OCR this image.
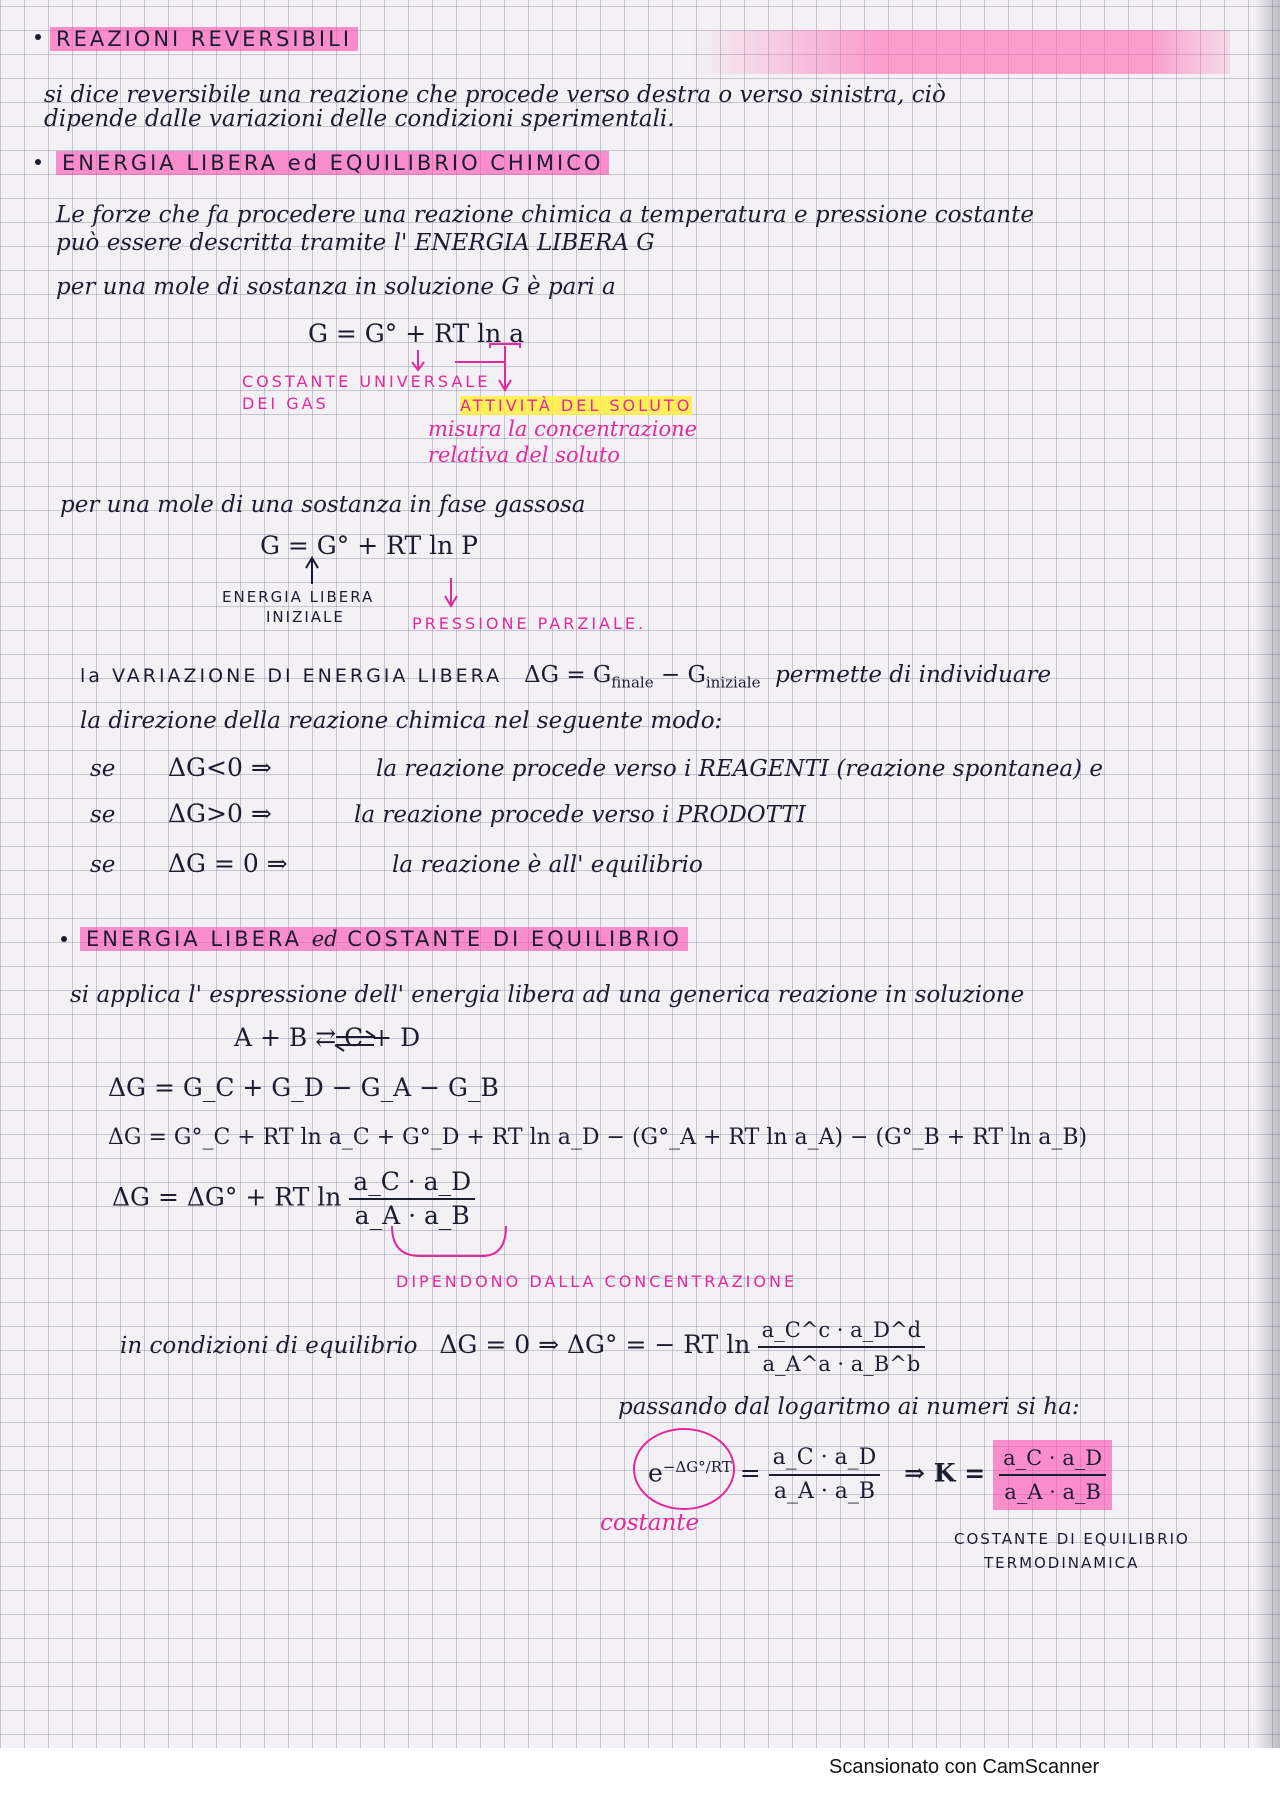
REAZIONI REVERSIBILI

si dice reversibile una reazione che procede verso destra o verso sinistra, ciò

dipende dalle variazioni delle condizioni sperimentali.

ENERGIA LIBERA ed EQUILIBRIO CHIMICO

Le forze che fa procedere una reazione chimica a temperatura e pressione costante

può essere descritta tramite l' ENERGIA LIBERA G

per una mole di sostanza in soluzione G è pari a

G = G° + RT ln a

COSTANTE UNIVERSALE

DEI GAS	ATTIVITÀ DEL SOLUTO

misura la concentrazione

relativa del soluto

per una mole di una sostanza in fase gassosa

G = G° + RT ln P

ENERGIA LIBERA

INIZIALE	PRESSIONE PARZIALE.

la VARIAZIONE DI ENERGIA LIBERA $\Delta G = G_{finale} - G_{iniziale}$ permette di individuare

la direzione della reazione chimica nel seguente modo:

se ΔG<0 ⇒	la reazione procede verso i REAGENTI (reazione spontanea) e

se ΔG>0 ⇒	la reazione procede verso i PRODOTTI

se ΔG = 0 ⇒	la reazione è all' equilibrio

ENERGIA LIBERA ed COSTANTE DI EQUILIBRIO

si applica l' espressione dell' energia libera ad una generica reazione in soluzione

A + B ⇄ C + D

ΔG = G_C + G_D − G_A − G_B

ΔG = G°_C + RT ln a_C + G°_D + RT ln a_D − (G°_A + RT ln a_A) − (G°_B + RT ln a_B)

ΔG = ΔG° + RT $\ln \frac{a\_C \cdot a\_D}{a\_A \cdot a\_B}$

DIPENDONO DALLA CONCENTRAZIONE

in condizioni di equilibrio ΔG = 0 ⇒ ΔG° = − RT $\ln \frac{a\_C\^{}c \cdot a\_D\^{}d}{a\_A\^{}a \cdot a\_B\^{}b}$

passando dal logaritmo ai numeri si ha:

$e^{-\Delta G^\circ/RT} = \frac{a\_C \cdot a\_D}{a\_A \cdot a\_B}$ ⇒ $K = \frac{a\_C \cdot a\_D}{a\_A \cdot a\_B}$

costante

COSTANTE DI EQUILIBRIO

TERMODINAMICA

Scansionato con CamScanner
